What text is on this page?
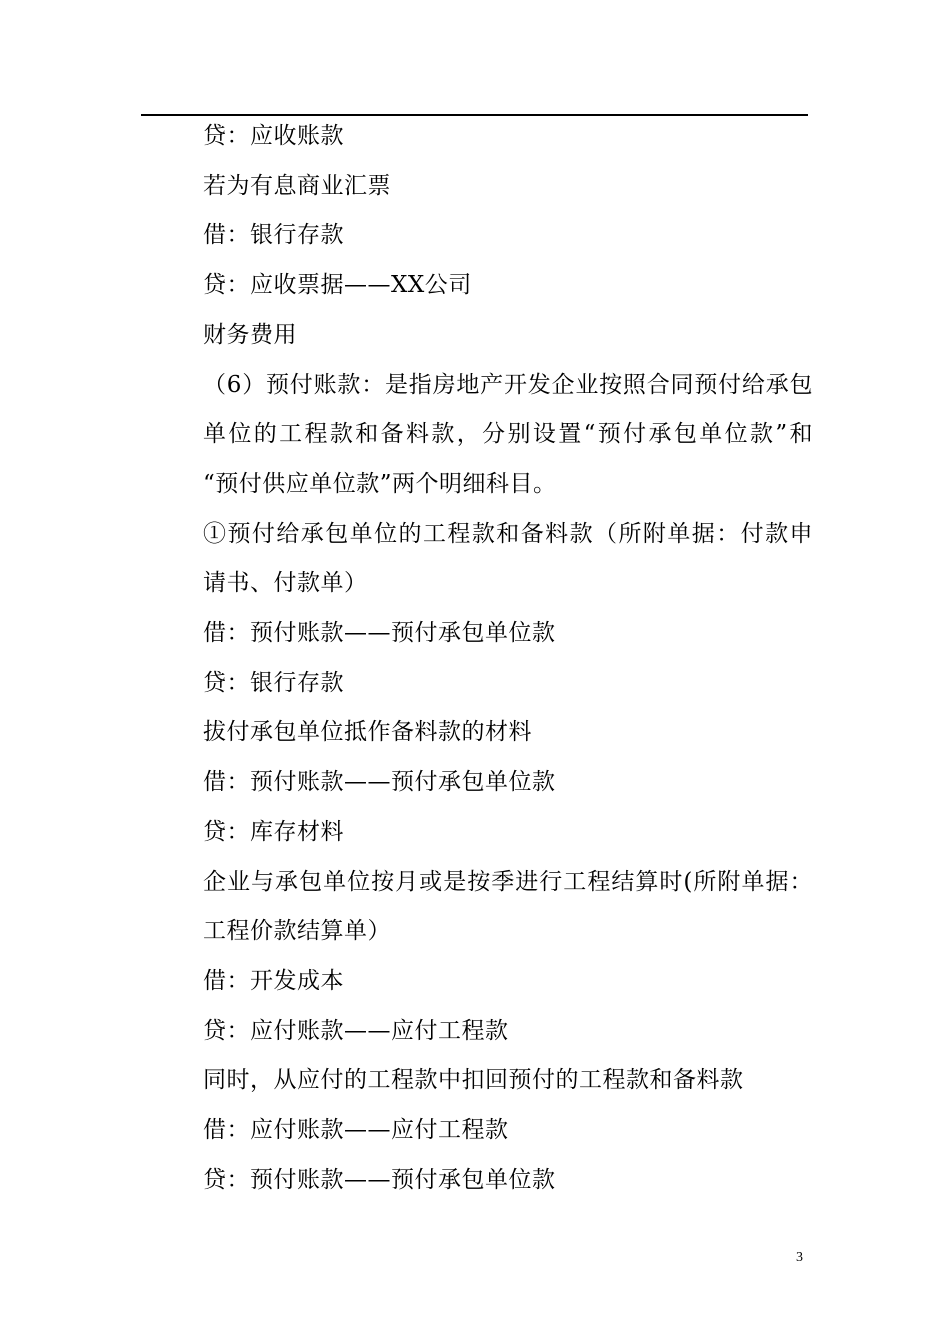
贷：应收账款
若为有息商业汇票
借：银行存款
贷：应收票据——XX公司
财务费用
（6）预付账款：是指房地产开发企业按照合同预付给承包
单位的工程款和备料款，分别设置“预付承包单位款”和
“预付供应单位款”两个明细科目。
①预付给承包单位的工程款和备料款（所附单据：付款申
请书、付款单）
借：预付账款——预付承包单位款
贷：银行存款
拔付承包单位抵作备料款的材料
借：预付账款——预付承包单位款
贷：库存材料
企业与承包单位按月或是按季进行工程结算时(所附单据：
工程价款结算单）
借：开发成本
贷：应付账款——应付工程款
同时，从应付的工程款中扣回预付的工程款和备料款
借：应付账款——应付工程款
贷：预付账款——预付承包单位款
3
